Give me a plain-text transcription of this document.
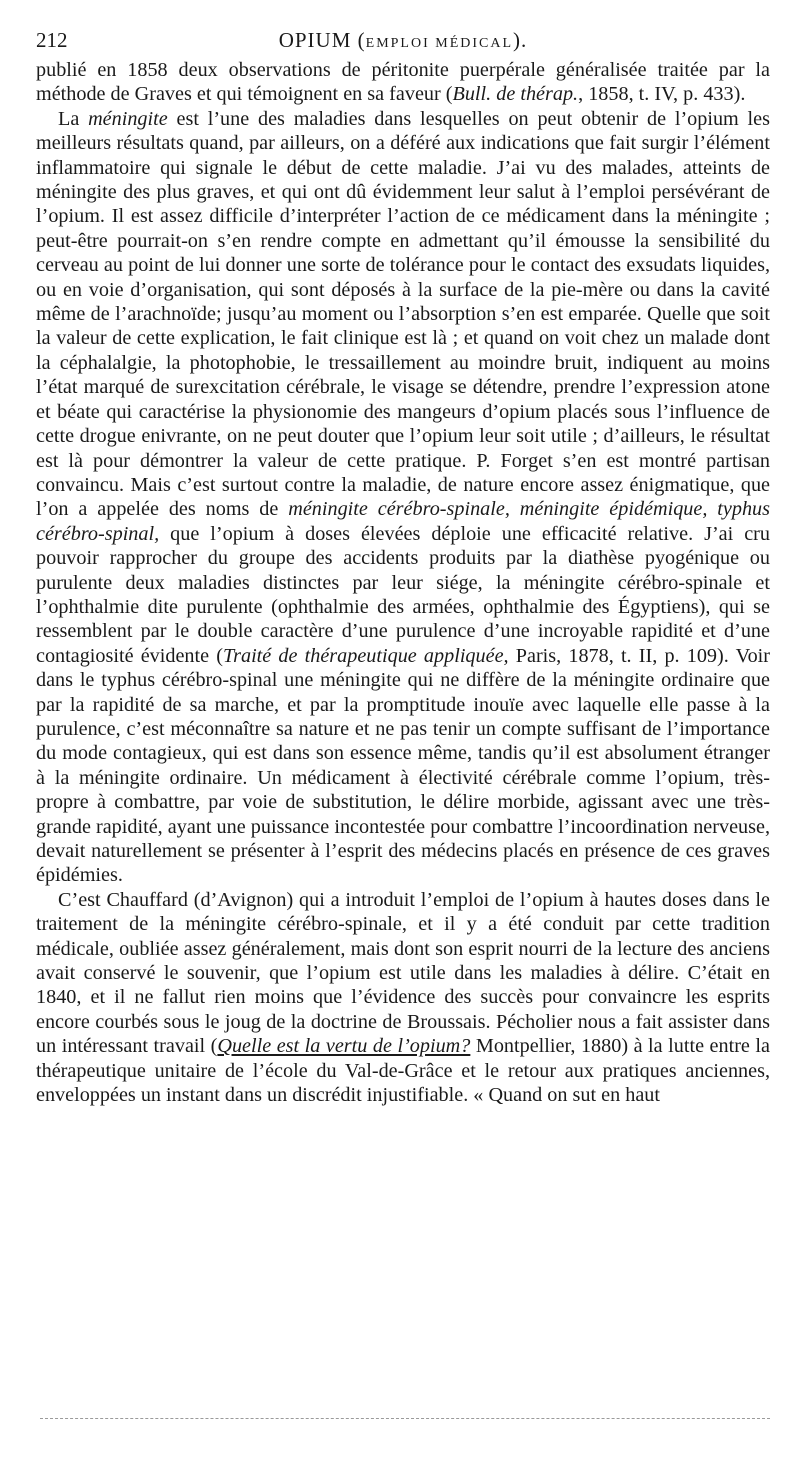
212	OPIUM (EMPLOI MÉDICAL).

publié en 1858 deux observations de péritonite puerpérale généralisée traitée par la méthode de Graves et qui témoignent en sa faveur (Bull. de thérap., 1858, t. IV, p. 433).

La méningite est l’une des maladies dans lesquelles on peut obtenir de l’opium les meilleurs résultats quand, par ailleurs, on a déféré aux indications que fait surgir l’élément inflammatoire qui signale le début de cette maladie. J’ai vu des malades, atteints de méningite des plus graves, et qui ont dû évidemment leur salut à l’emploi persévérant de l’opium. Il est assez difficile d’interpréter l’action de ce médicament dans la méningite ; peut-être pourrait-on s’en rendre compte en admettant qu’il émousse la sensibilité du cerveau au point de lui donner une sorte de tolérance pour le contact des exsudats liquides, ou en voie d’organisation, qui sont déposés à la surface de la pie-mère ou dans la cavité même de l’arachnoïde; jusqu’au moment ou l’absorption s’en est emparée. Quelle que soit la valeur de cette explication, le fait clinique est là ; et quand on voit chez un malade dont la céphalalgie, la photophobie, le tressaillement au moindre bruit, indiquent au moins l’état marqué de surexcitation cérébrale, le visage se détendre, prendre l’expression atone et béate qui caractérise la physionomie des mangeurs d’opium placés sous l’influence de cette drogue enivrante, on ne peut douter que l’opium leur soit utile ; d’ailleurs, le résultat est là pour démontrer la valeur de cette pratique. P. Forget s’en est montré partisan convaincu. Mais c’est surtout contre la maladie, de nature encore assez énigmatique, que l’on a appelée des noms de méningite cérébro-spinale, méningite épidémique, typhus cérébro-spinal, que l’opium à doses élevées déploie une efficacité relative. J’ai cru pouvoir rapprocher du groupe des accidents produits par la diathèse pyogénique ou purulente deux maladies distinctes par leur siége, la méningite cérébro-spinale et l’ophthalmie dite purulente (ophthalmie des armées, ophthalmie des Égyptiens), qui se ressemblent par le double caractère d’une purulence d’une incroyable rapidité et d’une contagiosité évidente (Traité de thérapeutique appliquée, Paris, 1878, t. II, p. 109). Voir dans le typhus cérébro-spinal une méningite qui ne diffère de la méningite ordinaire que par la rapidité de sa marche, et par la promptitude inouïe avec laquelle elle passe à la purulence, c’est méconnaître sa nature et ne pas tenir un compte suffisant de l’importance du mode contagieux, qui est dans son essence même, tandis qu’il est absolument étranger à la méningite ordinaire. Un médicament à électivité cérébrale comme l’opium, très-propre à combattre, par voie de substitution, le délire morbide, agissant avec une très-grande rapidité, ayant une puissance incontestée pour combattre l’incoordination nerveuse, devait naturellement se présenter à l’esprit des médecins placés en présence de ces graves épidémies.

C’est Chauffard (d’Avignon) qui a introduit l’emploi de l’opium à hautes doses dans le traitement de la méningite cérébro-spinale, et il y a été conduit par cette tradition médicale, oubliée assez généralement, mais dont son esprit nourri de la lecture des anciens avait conservé le souvenir, que l’opium est utile dans les maladies à délire. C’était en 1840, et il ne fallut rien moins que l’évidence des succès pour convaincre les esprits encore courbés sous le joug de la doctrine de Broussais. Pécholier nous a fait assister dans un intéressant travail (Quelle est la vertu de l’opium? Montpellier, 1880) à la lutte entre la thérapeutique unitaire de l’école du Val-de-Grâce et le retour aux pratiques anciennes, enveloppées un instant dans un discrédit injustifiable. « Quand on sut en haut
